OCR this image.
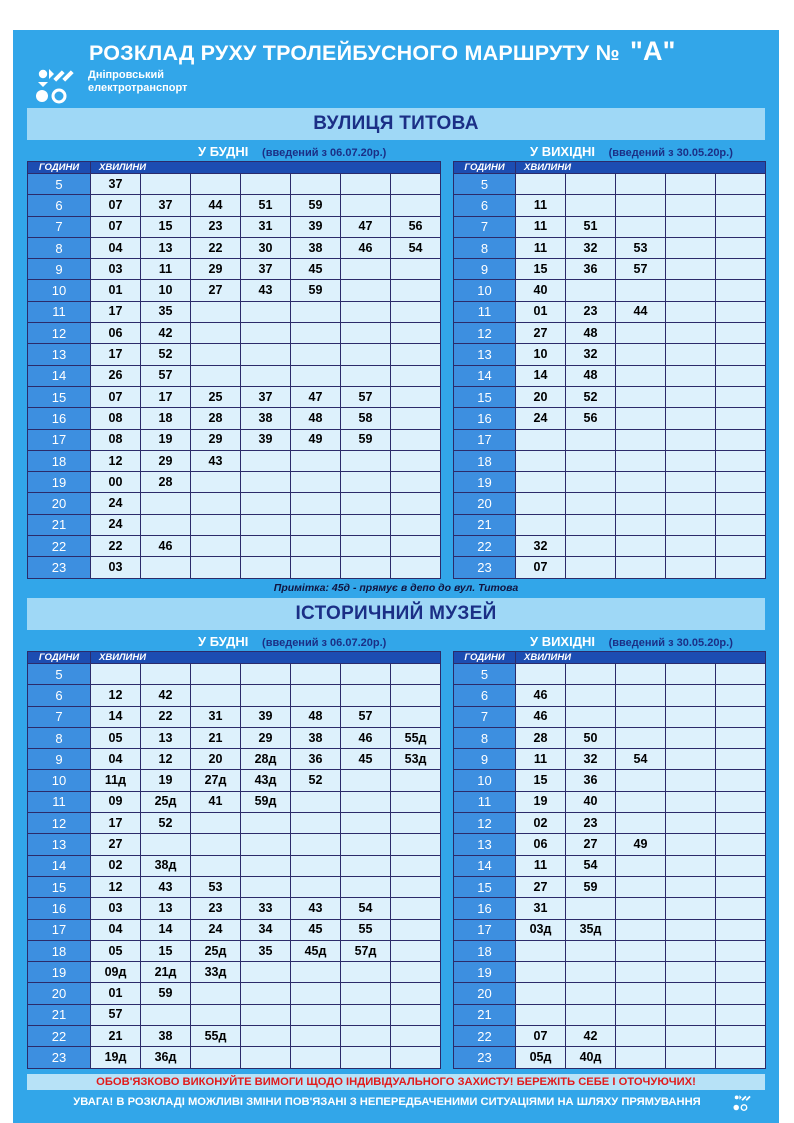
РОЗКЛАД РУХУ ТРОЛЕЙБУСНОГО МАРШРУТУ № "А"
Дніпровський
електротранспорт
ВУЛИЦЯ ТИТОВА
У БУДНІ (введений з 06.07.20р.)	У ВИХІДНІ (введений з 30.05.20р.)
ГОДИНИ	ХВИЛИНИ						
5	37						
6	07	37	44	51	59		
7	07	15	23	31	39	47	56
8	04	13	22	30	38	46	54
9	03	11	29	37	45		
10	01	10	27	43	59		
11	17	35					
12	06	42					
13	17	52					
14	26	57					
15	07	17	25	37	47	57	
16	08	18	28	38	48	58	
17	08	19	29	39	49	59	
18	12	29	43				
19	00	28					
20	24						
21	24						
22	22	46					
23	03						
ГОДИНИ	ХВИЛИНИ				
5					
6	11				
7	11	51			
8	11	32	53		
9	15	36	57		
10	40				
11	01	23	44		
12	27	48			
13	10	32			
14	14	48			
15	20	52			
16	24	56			
17					
18					
19					
20					
21					
22	32				
23	07				
Примітка: 45д - прямує в депо до вул. Титова
ІСТОРИЧНИЙ МУЗЕЙ
У БУДНІ (введений з 06.07.20р.)	У ВИХІДНІ (введений з 30.05.20р.)
ГОДИНИ	ХВИЛИНИ						
5							
6	12	42					
7	14	22	31	39	48	57	
8	05	13	21	29	38	46	55д
9	04	12	20	28д	36	45	53д
10	11д	19	27д	43д	52		
11	09	25д	41	59д			
12	17	52					
13	27						
14	02	38д					
15	12	43	53				
16	03	13	23	33	43	54	
17	04	14	24	34	45	55	
18	05	15	25д	35	45д	57д	
19	09д	21д	33д				
20	01	59					
21	57						
22	21	38	55д				
23	19д	36д					
ГОДИНИ	ХВИЛИНИ				
5					
6	46				
7	46				
8	28	50			
9	11	32	54		
10	15	36			
11	19	40			
12	02	23			
13	06	27	49		
14	11	54			
15	27	59			
16	31				
17	03д	35д			
18					
19					
20					
21					
22	07	42			
23	05д	40д			
ОБОВ'ЯЗКОВО ВИКОНУЙТЕ ВИМОГИ ЩОДО ІНДИВІДУАЛЬНОГО ЗАХИСТУ! БЕРЕЖІТЬ СЕБЕ І ОТОЧУЮЧИХ!
УВАГА! В РОЗКЛАДІ МОЖЛИВІ ЗМІНИ ПОВ'ЯЗАНІ З НЕПЕРЕДБАЧЕНИМИ СИТУАЦІЯМИ НА ШЛЯХУ ПРЯМУВАННЯ
